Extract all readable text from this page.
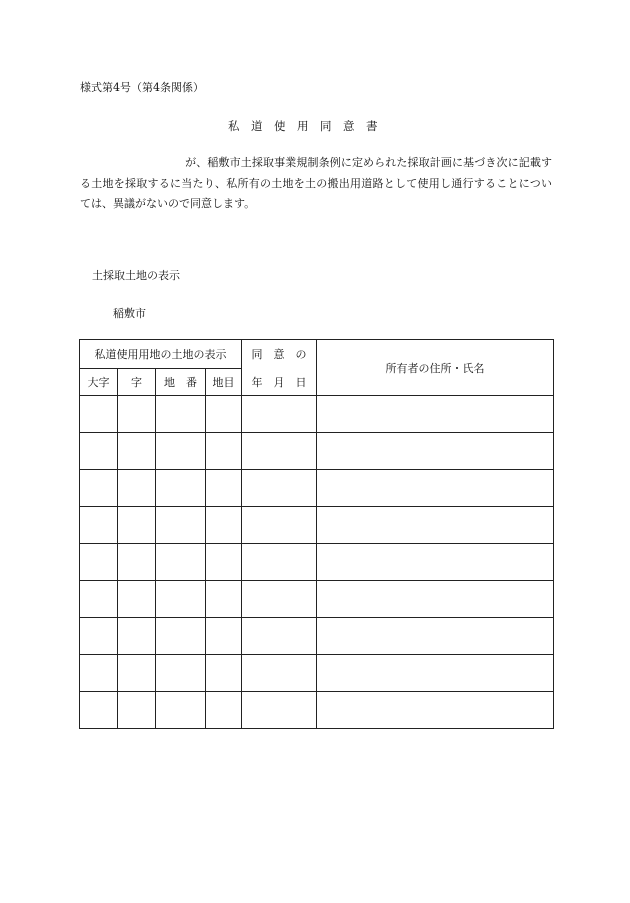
様式第4号（第4条関係）
私　道　使　用　同　意　書
が、稲敷市土採取事業規制条例に定められた採取計画に基づき次に記載する土地を採取するに当たり、私所有の土地を土の搬出用道路として使用し通行することについては、異議がないので同意します。
土採取土地の表示
稲敷市
私道使用用地の土地の表示				同　意　の	所有者の住所・氏名
大字	字	地　番	地目	年　月　日	
